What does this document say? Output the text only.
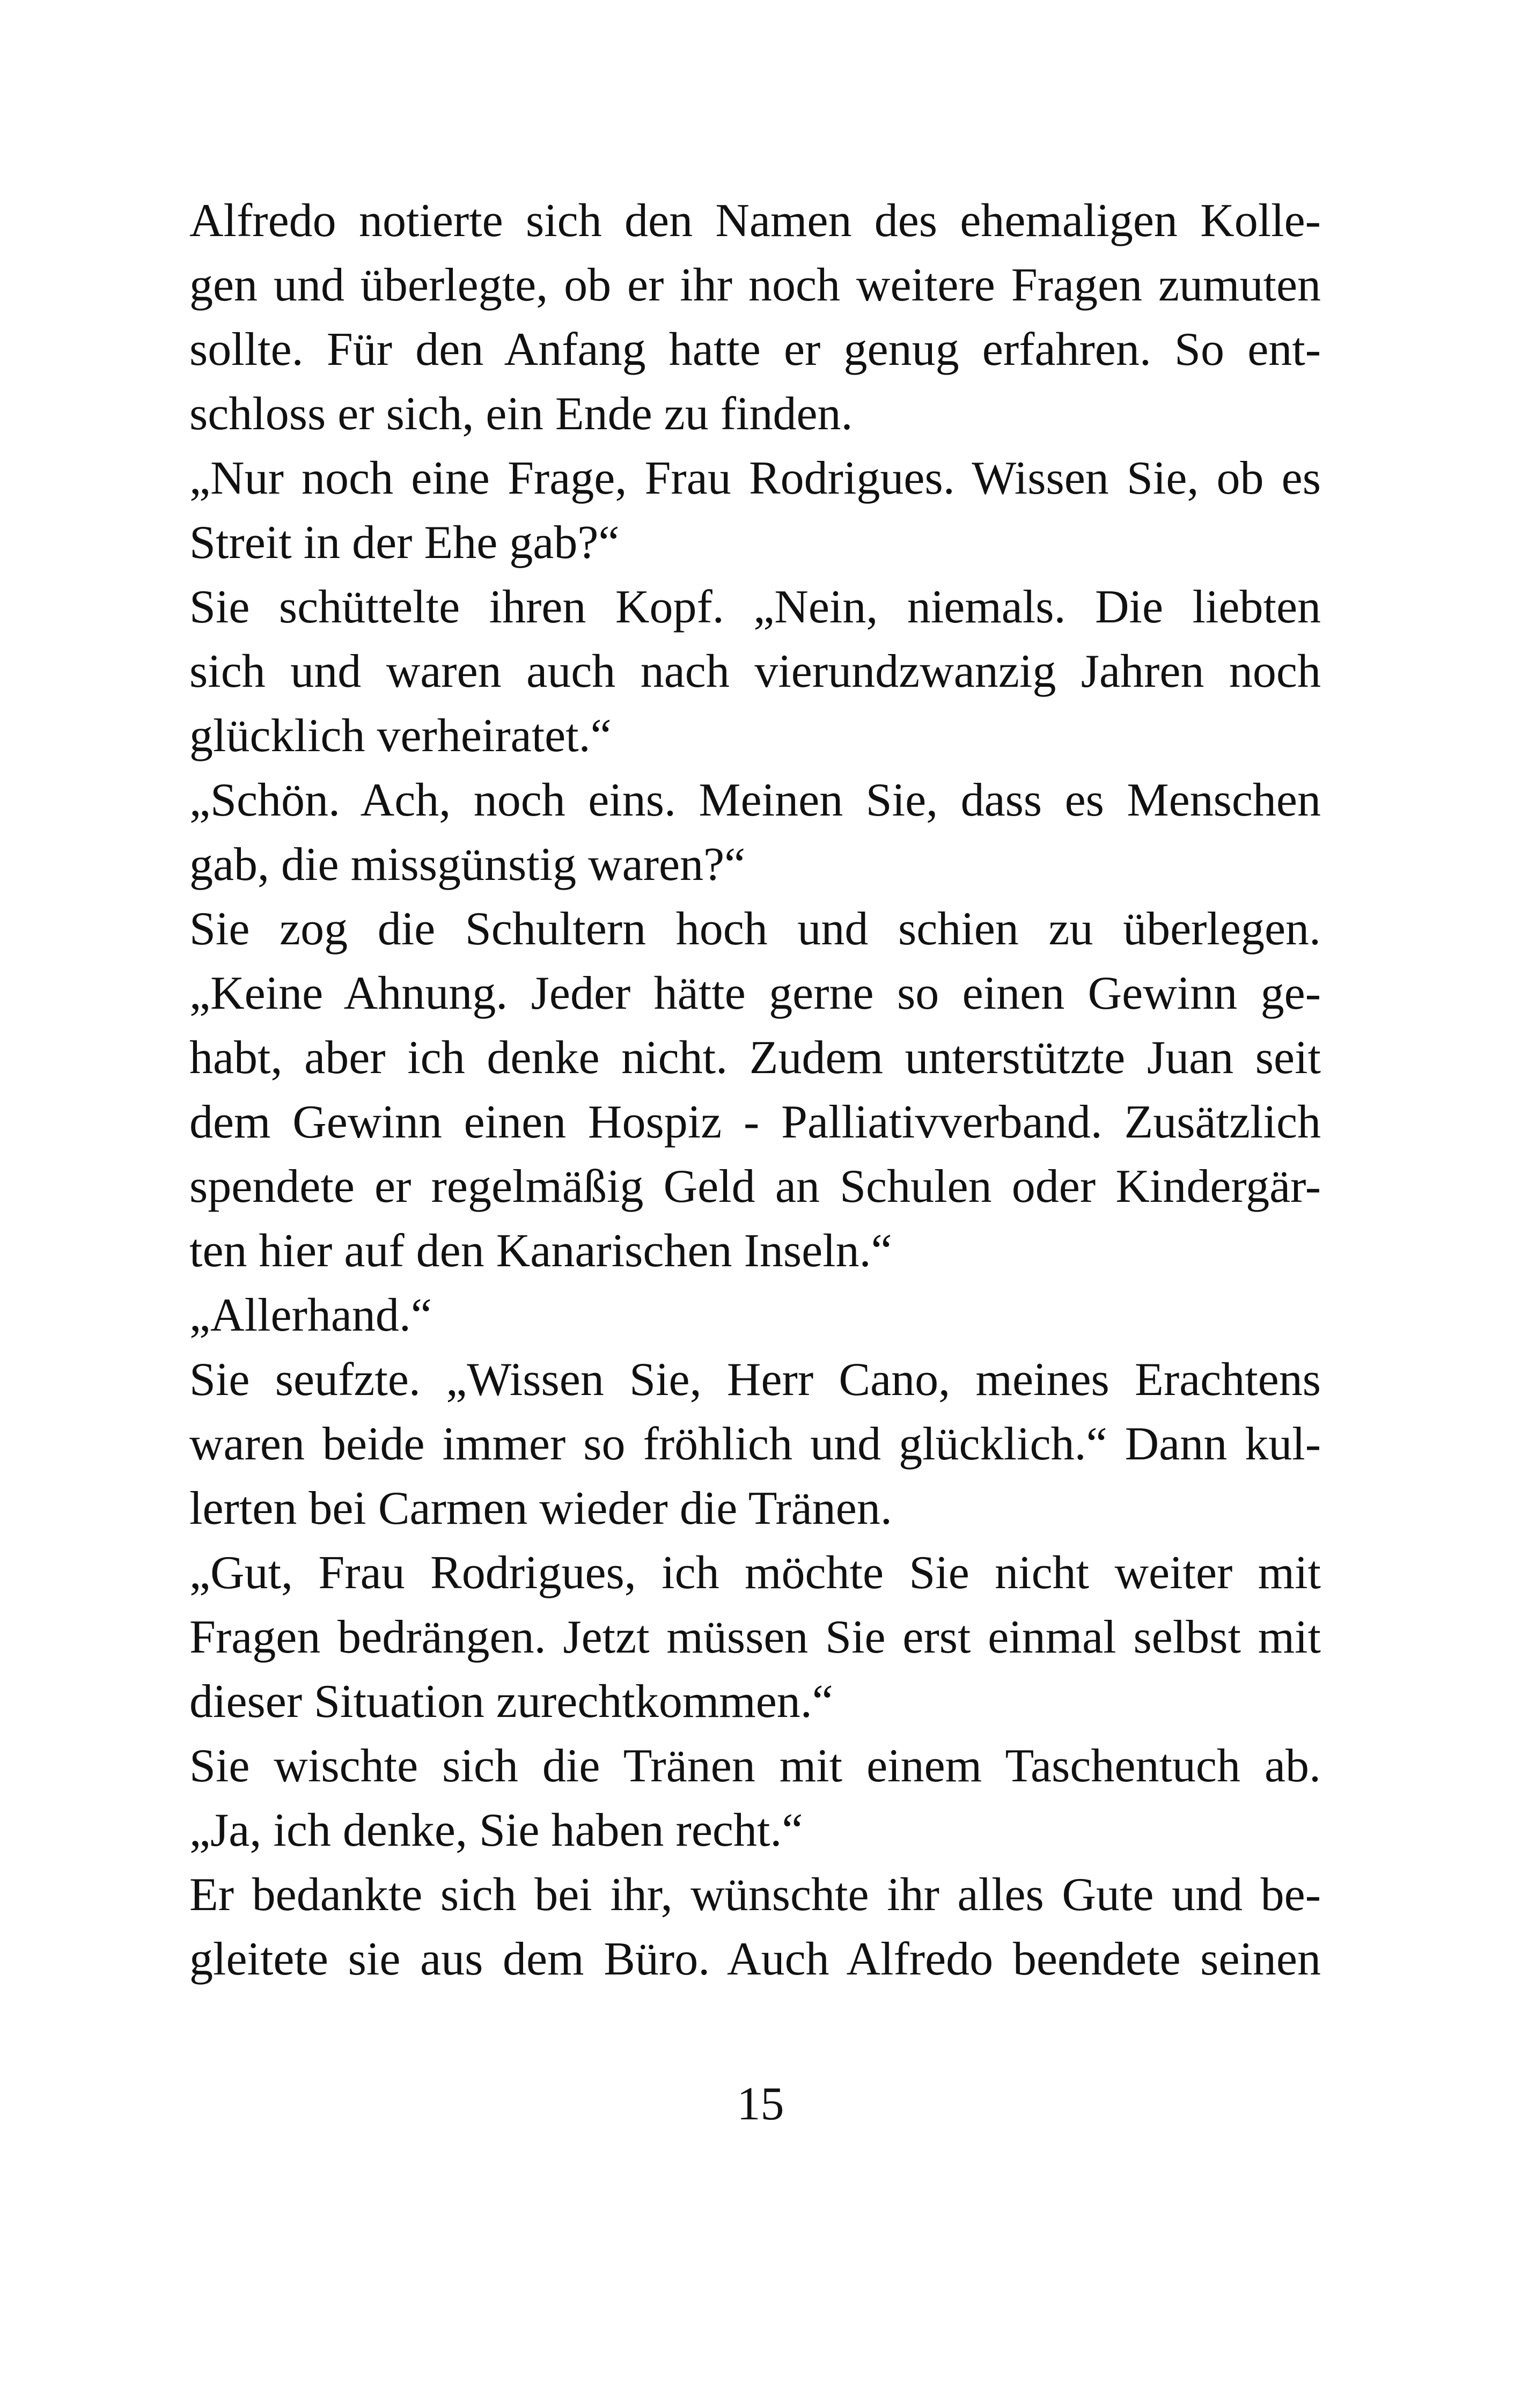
Alfredo notierte sich den Namen des ehemaligen Kolle-
gen und überlegte, ob er ihr noch weitere Fragen zumuten
sollte. Für den Anfang hatte er genug erfahren. So ent-
schloss er sich, ein Ende zu finden.
„Nur noch eine Frage, Frau Rodrigues. Wissen Sie, ob es
Streit in der Ehe gab?“
Sie schüttelte ihren Kopf. „Nein, niemals. Die liebten
sich und waren auch nach vierundzwanzig Jahren noch
glücklich verheiratet.“
„Schön. Ach, noch eins. Meinen Sie, dass es Menschen
gab, die missgünstig waren?“
Sie zog die Schultern hoch und schien zu überlegen.
„Keine Ahnung. Jeder hätte gerne so einen Gewinn ge-
habt, aber ich denke nicht. Zudem unterstützte Juan seit
dem Gewinn einen Hospiz - Palliativverband. Zusätzlich
spendete er regelmäßig Geld an Schulen oder Kindergär-
ten hier auf den Kanarischen Inseln.“
„Allerhand.“
Sie seufzte. „Wissen Sie, Herr Cano, meines Erachtens
waren beide immer so fröhlich und glücklich.“ Dann kul-
lerten bei Carmen wieder die Tränen.
„Gut, Frau Rodrigues, ich möchte Sie nicht weiter mit
Fragen bedrängen. Jetzt müssen Sie erst einmal selbst mit
dieser Situation zurechtkommen.“
Sie wischte sich die Tränen mit einem Taschentuch ab.
„Ja, ich denke, Sie haben recht.“
Er bedankte sich bei ihr, wünschte ihr alles Gute und be-
gleitete sie aus dem Büro. Auch Alfredo beendete seinen
15
